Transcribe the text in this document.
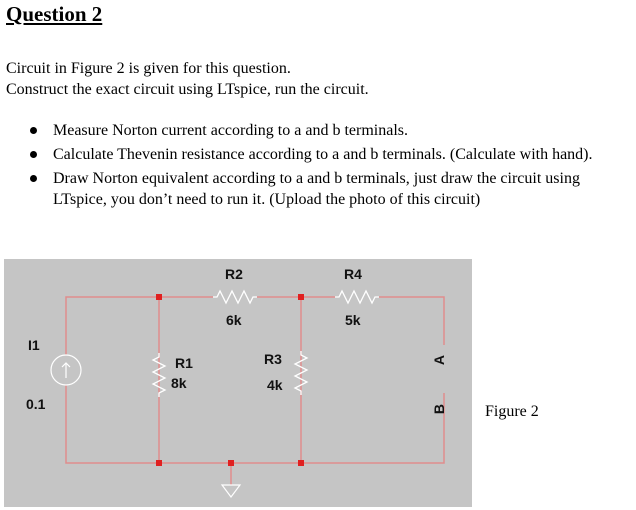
Question 2
Circuit in Figure 2 is given for this question.
Construct the exact circuit using LTspice, run the circuit.
Measure Norton current according to a and b terminals.
Calculate Thevenin resistance according to a and b terminals. (Calculate with hand).
Draw Norton equivalent according to a and b terminals, just draw the circuit using LTspice, you don’t need to run it. (Upload the photo of this circuit)
I1
0.1
R1
8k
R2
6k
R3
4k
R4
5k
A
B Figure 2
